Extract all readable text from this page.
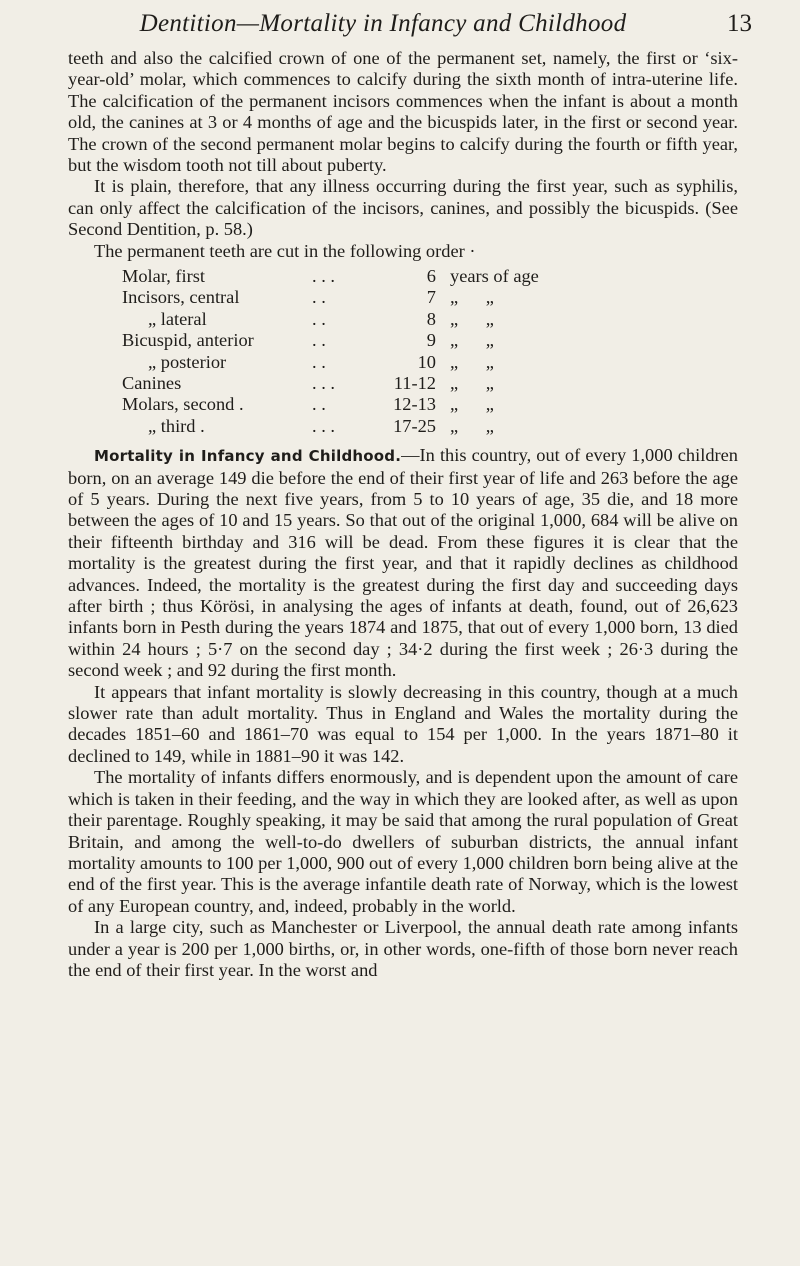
Dentition—Mortality in Infancy and Childhood	13

teeth and also the calcified crown of one of the permanent set, namely, the first or ‘six-year-old’ molar, which commences to calcify during the sixth month of intra-uterine life. The calcification of the permanent incisors commences when the infant is about a month old, the canines at 3 or 4 months of age and the bicuspids later, in the first or second year. The crown of the second permanent molar begins to calcify during the fourth or fifth year, but the wisdom tooth not till about puberty.

It is plain, therefore, that any illness occurring during the first year, such as syphilis, can only affect the calcification of the incisors, canines, and possibly the bicuspids. (See Second Dentition, p. 58.)

The permanent teeth are cut in the following order ·

Molar, first	. . .	6 years of age
Incisors, central	. .	7 „      „
„ lateral	. .	8 „      „
Bicuspid, anterior	. .	9 „      „
„ posterior	. .	10 „      „
Canines	. . .	11-12 „      „
Molars, second .	. .	12-13 „      „
„ third .	. . .	17-25 „      „

Mortality in Infancy and Childhood.—In this country, out of every 1,000 children born, on an average 149 die before the end of their first year of life and 263 before the age of 5 years. During the next five years, from 5 to 10 years of age, 35 die, and 18 more between the ages of 10 and 15 years. So that out of the original 1,000, 684 will be alive on their fifteenth birthday and 316 will be dead. From these figures it is clear that the mortality is the greatest during the first year, and that it rapidly declines as childhood advances. Indeed, the mortality is the greatest during the first day and succeeding days after birth ; thus Körösi, in analysing the ages of infants at death, found, out of 26,623 infants born in Pesth during the years 1874 and 1875, that out of every 1,000 born, 13 died within 24 hours ; 5·7 on the second day ; 34·2 during the first week ; 26·3 during the second week ; and 92 during the first month.

It appears that infant mortality is slowly decreasing in this country, though at a much slower rate than adult mortality. Thus in England and Wales the mortality during the decades 1851–60 and 1861–70 was equal to 154 per 1,000. In the years 1871–80 it declined to 149, while in 1881–90 it was 142.

The mortality of infants differs enormously, and is dependent upon the amount of care which is taken in their feeding, and the way in which they are looked after, as well as upon their parentage. Roughly speaking, it may be said that among the rural population of Great Britain, and among the well-to-do dwellers of suburban districts, the annual infant mortality amounts to 100 per 1,000, 900 out of every 1,000 children born being alive at the end of the first year. This is the average infantile death rate of Norway, which is the lowest of any European country, and, indeed, probably in the world.

In a large city, such as Manchester or Liverpool, the annual death rate among infants under a year is 200 per 1,000 births, or, in other words, one-fifth of those born never reach the end of their first year. In the worst and
